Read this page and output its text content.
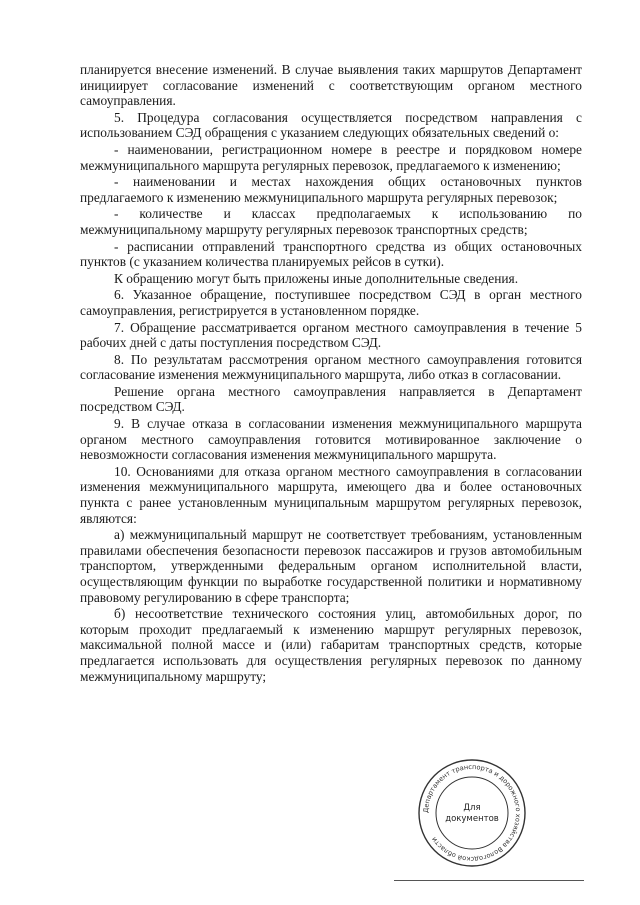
планируется внесение изменений. В случае выявления таких маршрутов Департамент инициирует согласование изменений с соответствующим органом местного самоуправления.

5. Процедура согласования осуществляется посредством направления с использованием СЭД обращения с указанием следующих обязательных сведений о:

- наименовании, регистрационном номере в реестре и порядковом номере межмуниципального маршрута регулярных перевозок, предлагаемого к изменению;

- наименовании и местах нахождения общих остановочных пунктов предлагаемого к изменению межмуниципального маршрута регулярных перевозок;

- количестве и классах предполагаемых к использованию по межмуниципальному маршруту регулярных перевозок транспортных средств;

- расписании отправлений транспортного средства из общих остановочных пунктов (с указанием количества планируемых рейсов в сутки).

К обращению могут быть приложены иные дополнительные сведения.

6. Указанное обращение, поступившее посредством СЭД в орган местного самоуправления, регистрируется в установленном порядке.

7. Обращение рассматривается органом местного самоуправления в течение 5 рабочих дней с даты поступления посредством СЭД.

8. По результатам рассмотрения органом местного самоуправления готовится согласование изменения межмуниципального маршрута, либо отказ в согласовании.

Решение органа местного самоуправления направляется в Департамент посредством СЭД.

9. В случае отказа в согласовании изменения межмуниципального маршрута органом местного самоуправления готовится мотивированное заключение о невозможности согласования изменения межмуниципального маршрута.

10. Основаниями для отказа органом местного самоуправления в согласовании изменения межмуниципального маршрута, имеющего два и более остановочных пункта с ранее установленным муниципальным маршрутом регулярных перевозок, являются:

а) межмуниципальный маршрут не соответствует требованиям, установленным правилами обеспечения безопасности перевозок пассажиров и грузов автомобильным транспортом, утвержденными федеральным органом исполнительной власти, осуществляющим функции по выработке государственной политики и нормативному правовому регулированию в сфере транспорта;

б) несоответствие технического состояния улиц, автомобильных дорог, по которым проходит предлагаемый к изменению маршрут регулярных перевозок, максимальной полной массе и (или) габаритам транспортных средств, которые предлагается использовать для осуществления регулярных перевозок по данному межмуниципальному маршруту;

Департамент транспорта и дорожного хозяйства Вологодской области
Для
документов
